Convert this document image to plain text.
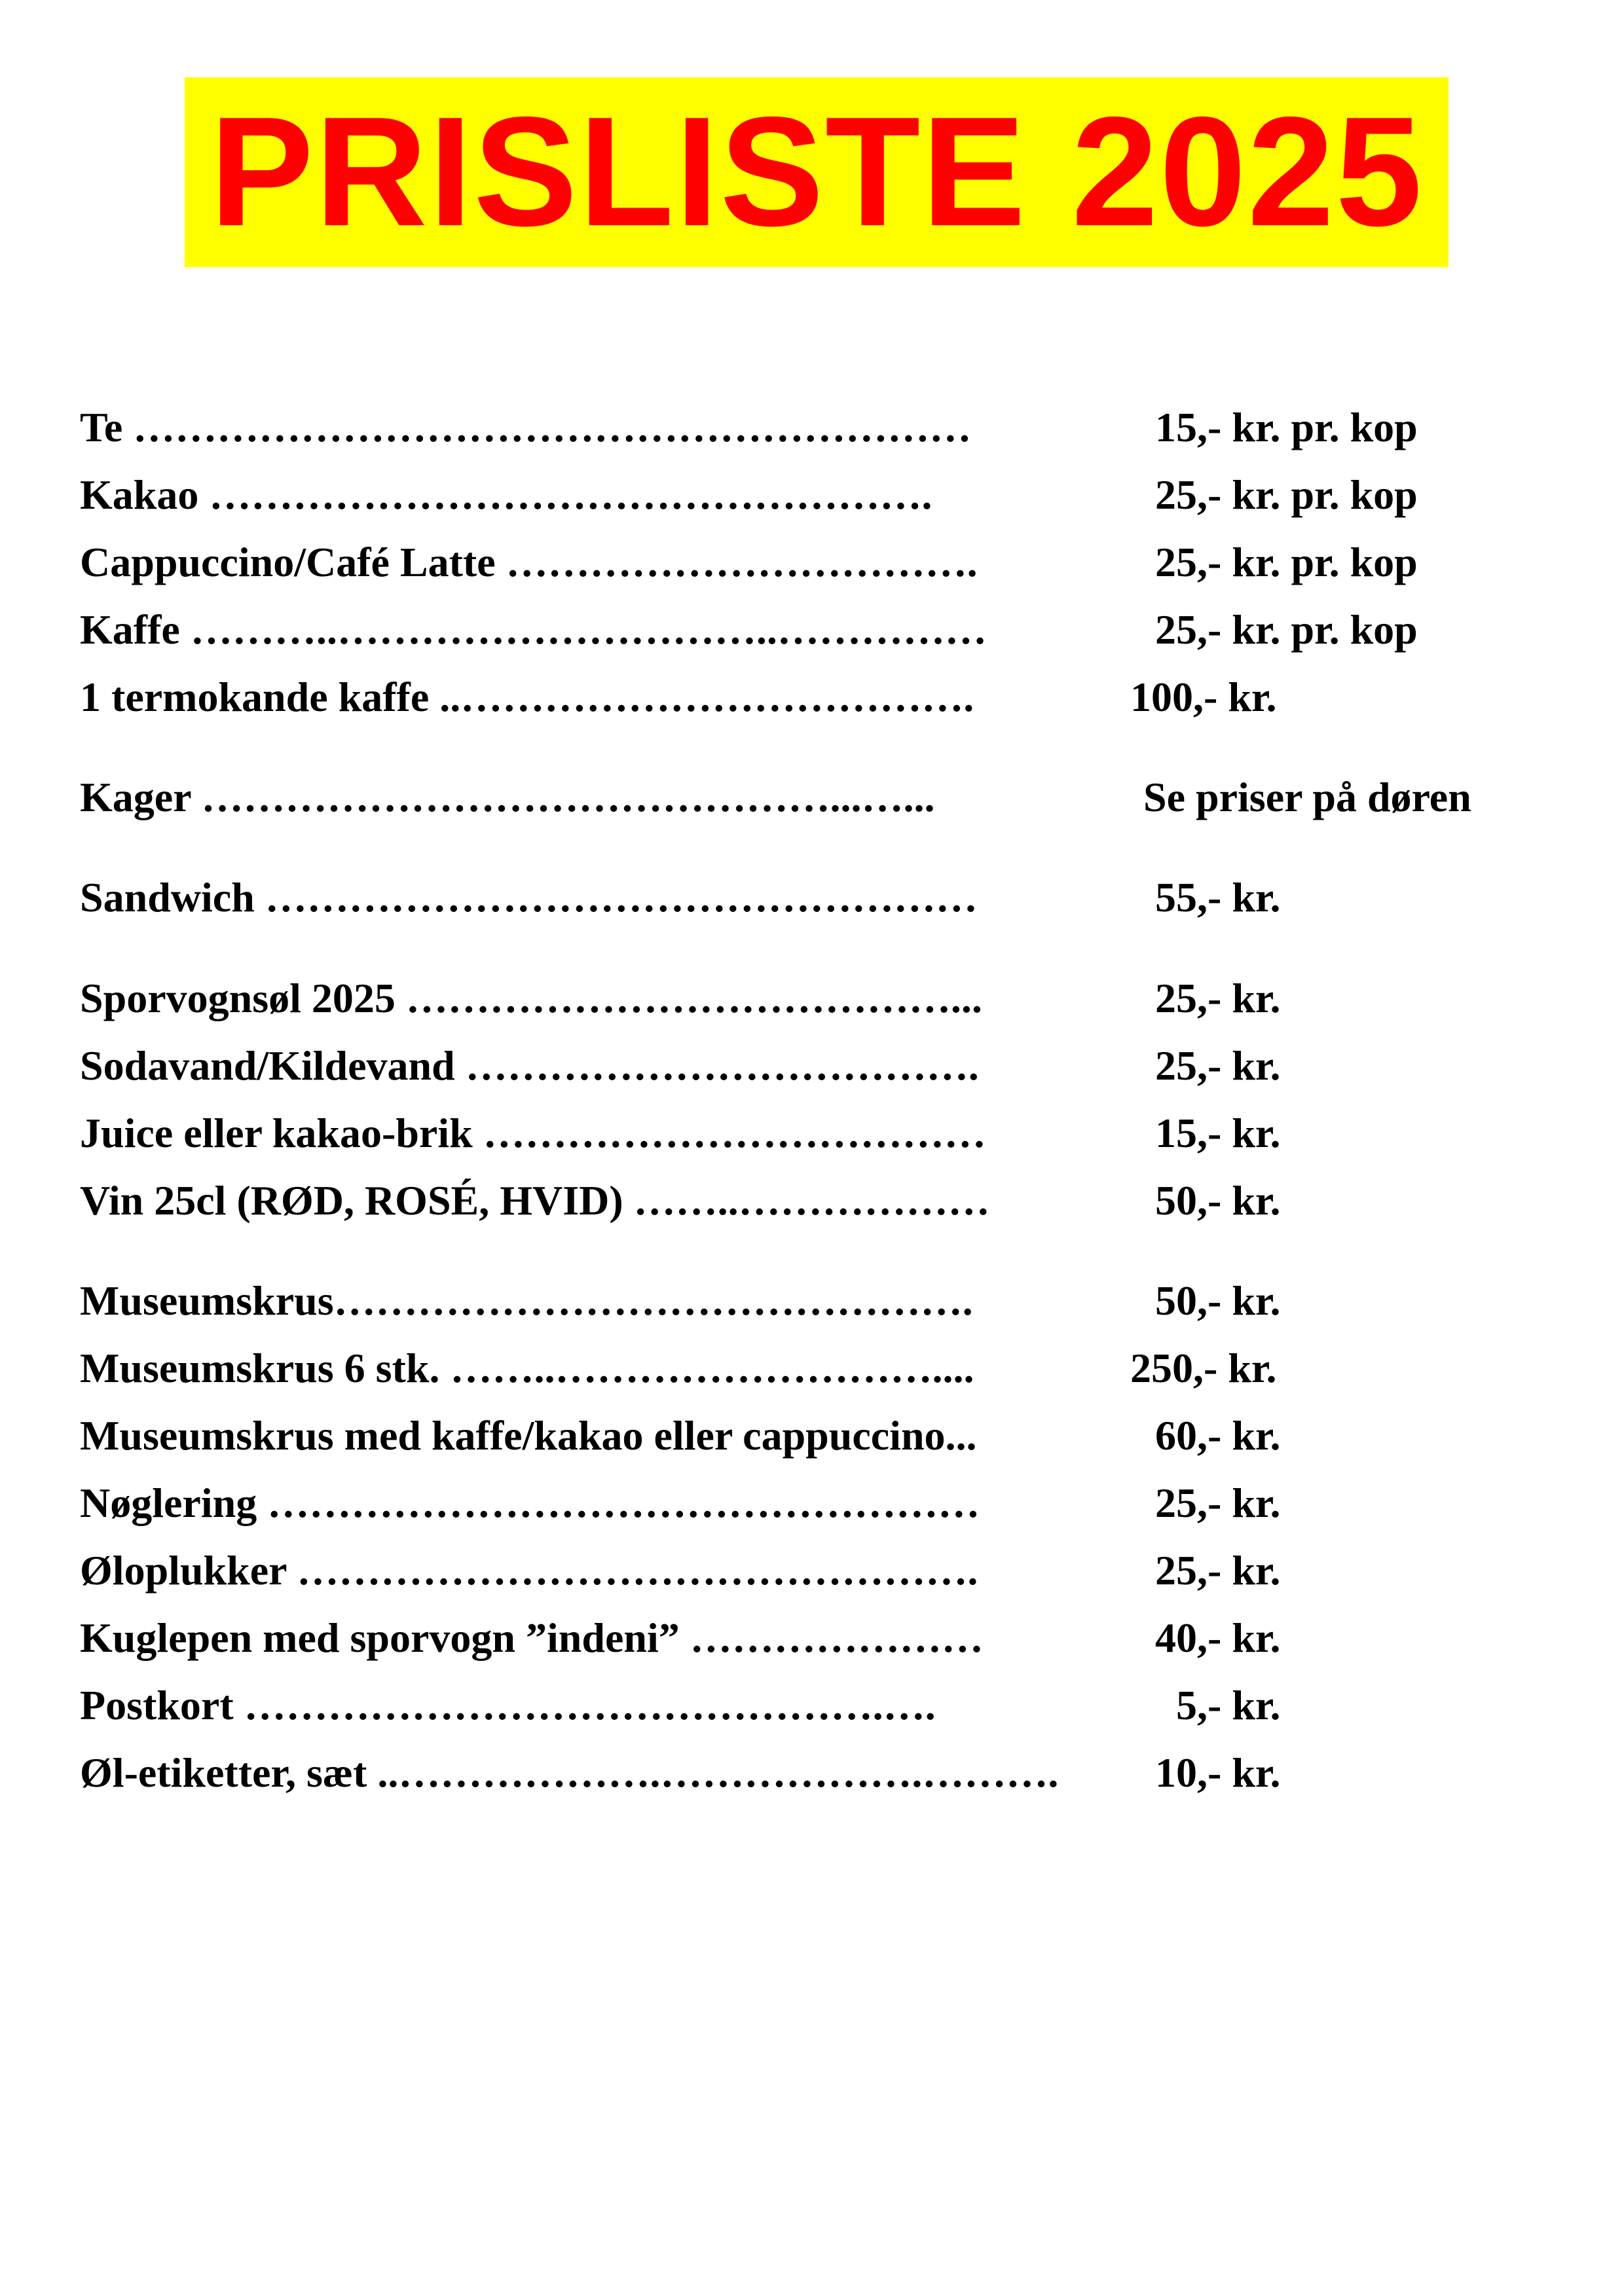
PRISLISTE 2025
Te ……………………………………………………	15,- kr. pr. kop
Kakao …………………………………………….	25,- kr. pr. kop
Cappuccino/Café Latte …………………………….	25,- kr. pr. kop
Kaffe ………..…………………………..……………	25,- kr. pr. kop
1 termokande kaffe ..……………………………….	100,- kr.
Kager ………………………………………...…...	Se priser på døren
Sandwich ……………………………………………	55,- kr.
Sporvognsøl 2025 …………………………………...	25,- kr.
Sodavand/Kildevand ……………………………….	25,- kr.
Juice eller kakao-brik ………………………………	15,- kr.
Vin 25cl (RØD, ROSÉ, HVID) ……..………………	50,- kr.
Museumskrus……………………………………….	50,- kr.
Museumskrus 6 stk. ……..………………………....	250,- kr.
Museumskrus med kaffe/kakao eller cappuccino...	60,- kr.
Nøglering ……………………………………………	25,- kr.
Øloplukker ………………………………………….	25,- kr.
Kuglepen med sporvogn ”indeni” …………………	40,- kr.
Postkort ……………………………………….….	5,- kr.
Øl-etiketter, sæt ..……………….……………….………. 10,- kr.
